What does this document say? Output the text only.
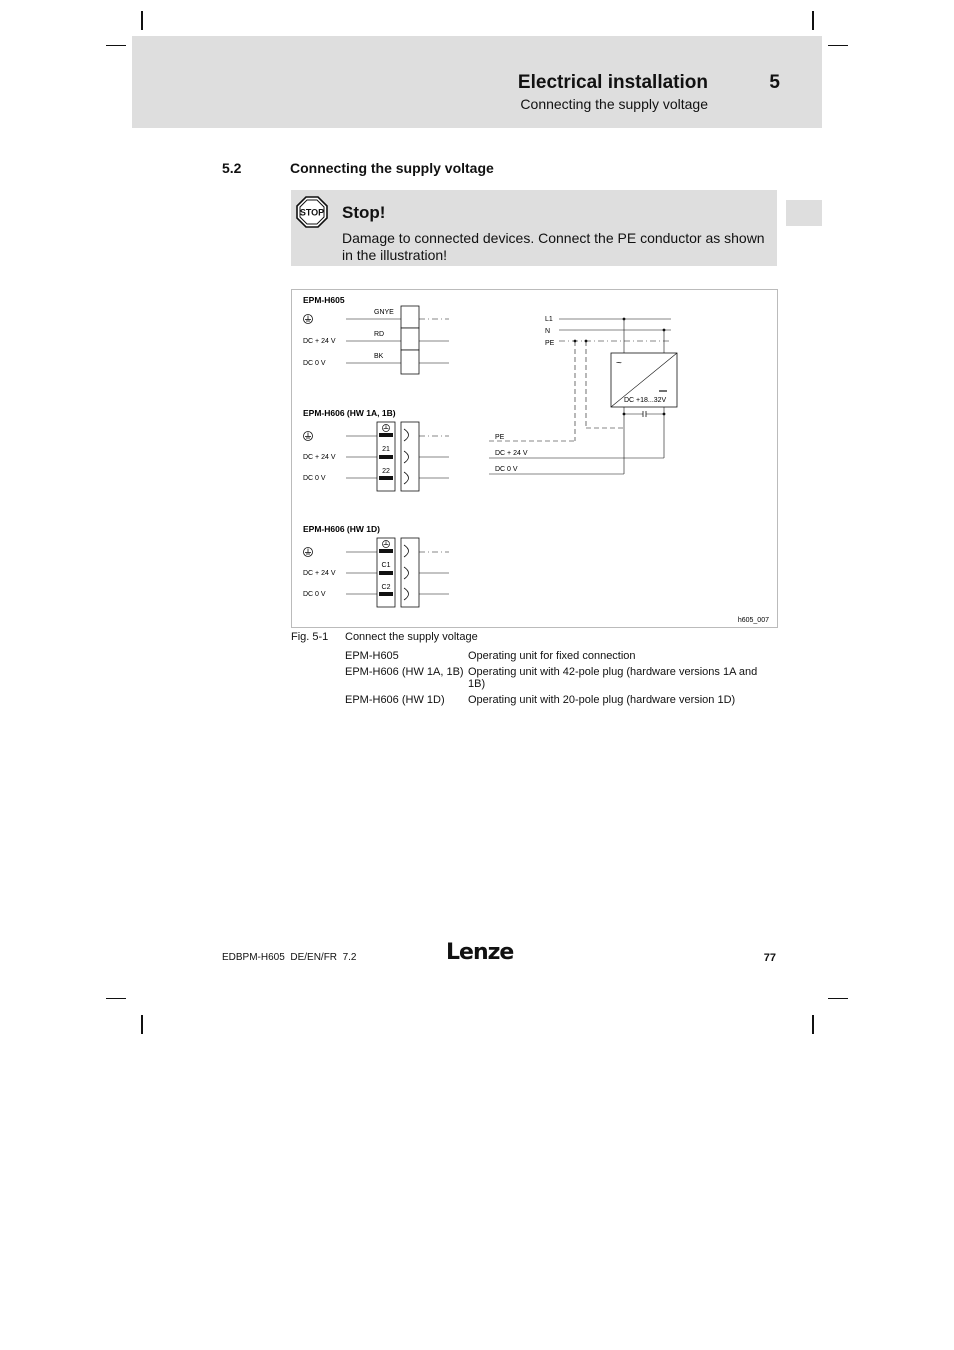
Electrical installation	5
Connecting the supply voltage
5.2	Connecting the supply voltage
STOP Stop!
Damage to connected devices. Connect the PE conductor as shown in the illustration!
EPM-H605
GNYE
RD
BK
DC + 24 V
DC 0 V
EPM-H606 (HW 1A, 1B)
DC + 24 V
DC 0 V
21
22
EPM-H606 (HW 1D)
DC + 24 V
DC 0 V
C1
C2
L1
N
PE
~
DC +18...32V
PE
DC + 24 V
DC 0 V
h605_007
Fig. 5-1 Connect the supply voltage
EPM-H605	Operating unit for fixed connection
EPM-H606 (HW 1A, 1B) Operating unit with 42-pole plug (hardware versions 1A and 1B)
EPM-H606 (HW 1D)	Operating unit with 20-pole plug (hardware version 1D)
EDBPM-H605  DE/EN/FR  7.2	Lenze	77
